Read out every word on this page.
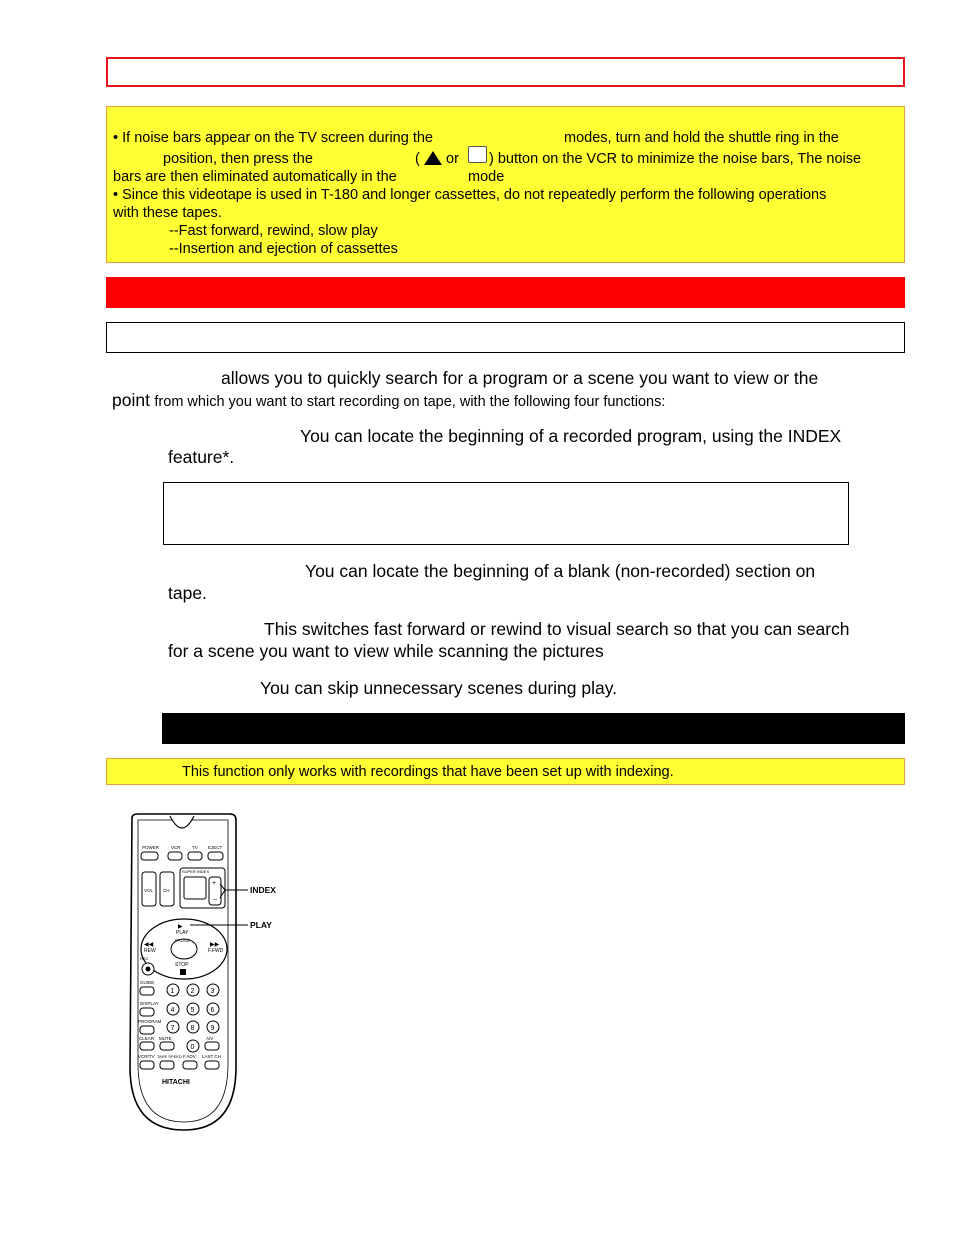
• If noise bars appear on the TV screen during the	modes, turn and hold the shuttle ring in the
position, then press the	( or ) button on the VCR to minimize the noise bars, The noise
bars are then eliminated automatically in the	mode
• Since this videotape is used in T-180 and longer cassettes, do not repeatedly perform the following operations
with these tapes.
--Fast forward, rewind, slow play
--Insertion and ejection of cassettes
allows you to quickly search for a program or a scene you want to view or the
point from which you want to start recording on tape, with the following four functions:
You can locate the beginning of a recorded program, using the INDEX
feature*.
You can locate the beginning of a blank (non-recorded) section on
tape.
This switches fast forward or rewind to visual search so that you can search
for a scene you want to view while scanning the pictures
You can skip unnecessary scenes during play.
This function only works with recordings that have been set up with indexing.
POWER	VCR	TV EJECT
VOL CH
SUPER INDEX
+
−
PAUSE
PLAY
▶
REW
◀◀
F.FWD
▶▶
STOP
REC
GUIDE
DISPLAY
PROGRAM
1 2 3
4 5 6
7 8 9
0
CLEAR MUTE	A/V
VCR/TV TAPE SPEED F.ADV LAST CH
HITACHI
INDEX
PLAY
